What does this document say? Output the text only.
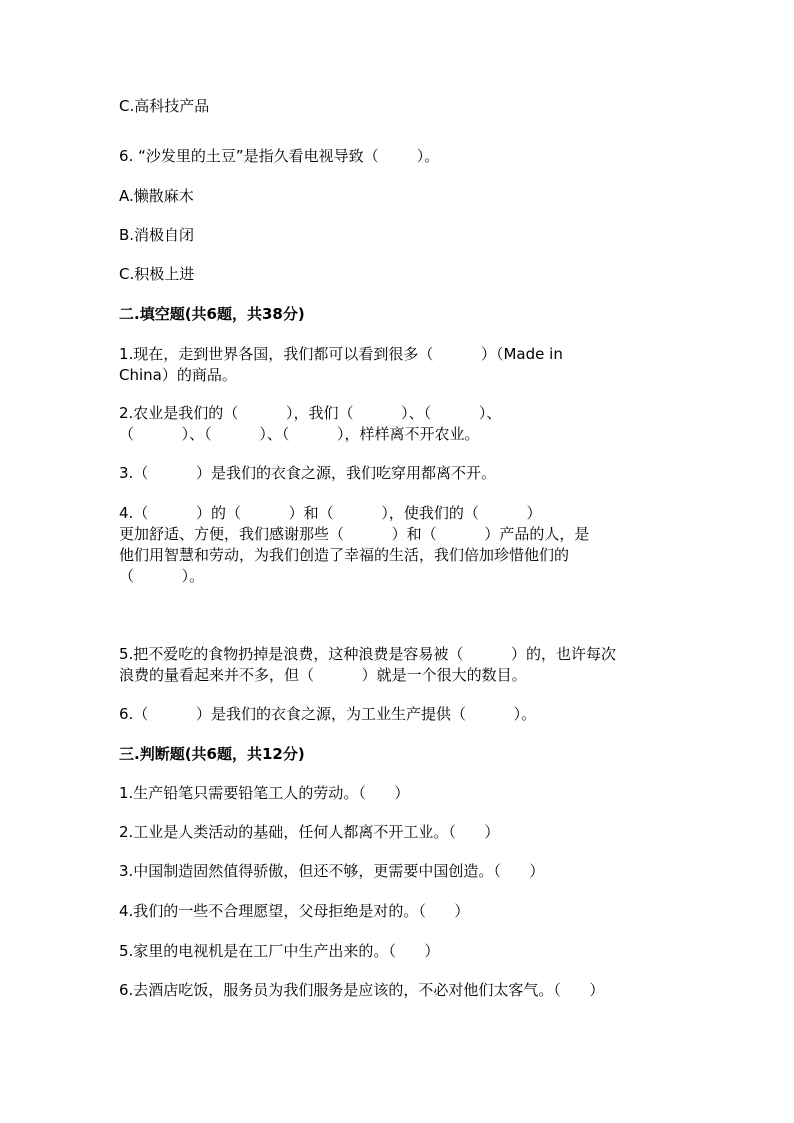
C.高科技产品
6. “沙发里的土豆”是指久看电视导致（        ）。
A.懒散麻木
B.消极自闭
C.积极上进
二.填空题(共6题，共38分)
1.现在，走到世界各国，我们都可以看到很多（          ）（Made in
China）的商品。
2.农业是我们的（          ），我们（          ）、（          ）、
（          ）、（          ）、（          ），样样离不开农业。
3.（          ）是我们的衣食之源，我们吃穿用都离不开。
4.（          ）的（          ）和（          ），使我们的（          ）
更加舒适、方便，我们感谢那些（          ）和（          ）产品的人，是
他们用智慧和劳动，为我们创造了幸福的生活，我们倍加珍惜他们的
（          ）。
5.把不爱吃的食物扔掉是浪费，这种浪费是容易被（          ）的，也许每次
浪费的量看起来并不多，但（          ）就是一个很大的数目。
6.（          ）是我们的衣食之源，为工业生产提供（          ）。
三.判断题(共6题，共12分)
1.生产铅笔只需要铅笔工人的劳动。（      ）
2.工业是人类活动的基础，任何人都离不开工业。（      ）
3.中国制造固然值得骄傲，但还不够，更需要中国创造。（      ）
4.我们的一些不合理愿望，父母拒绝是对的。（      ）
5.家里的电视机是在工厂中生产出来的。（      ）
6.去酒店吃饭，服务员为我们服务是应该的，不必对他们太客气。（      ）
